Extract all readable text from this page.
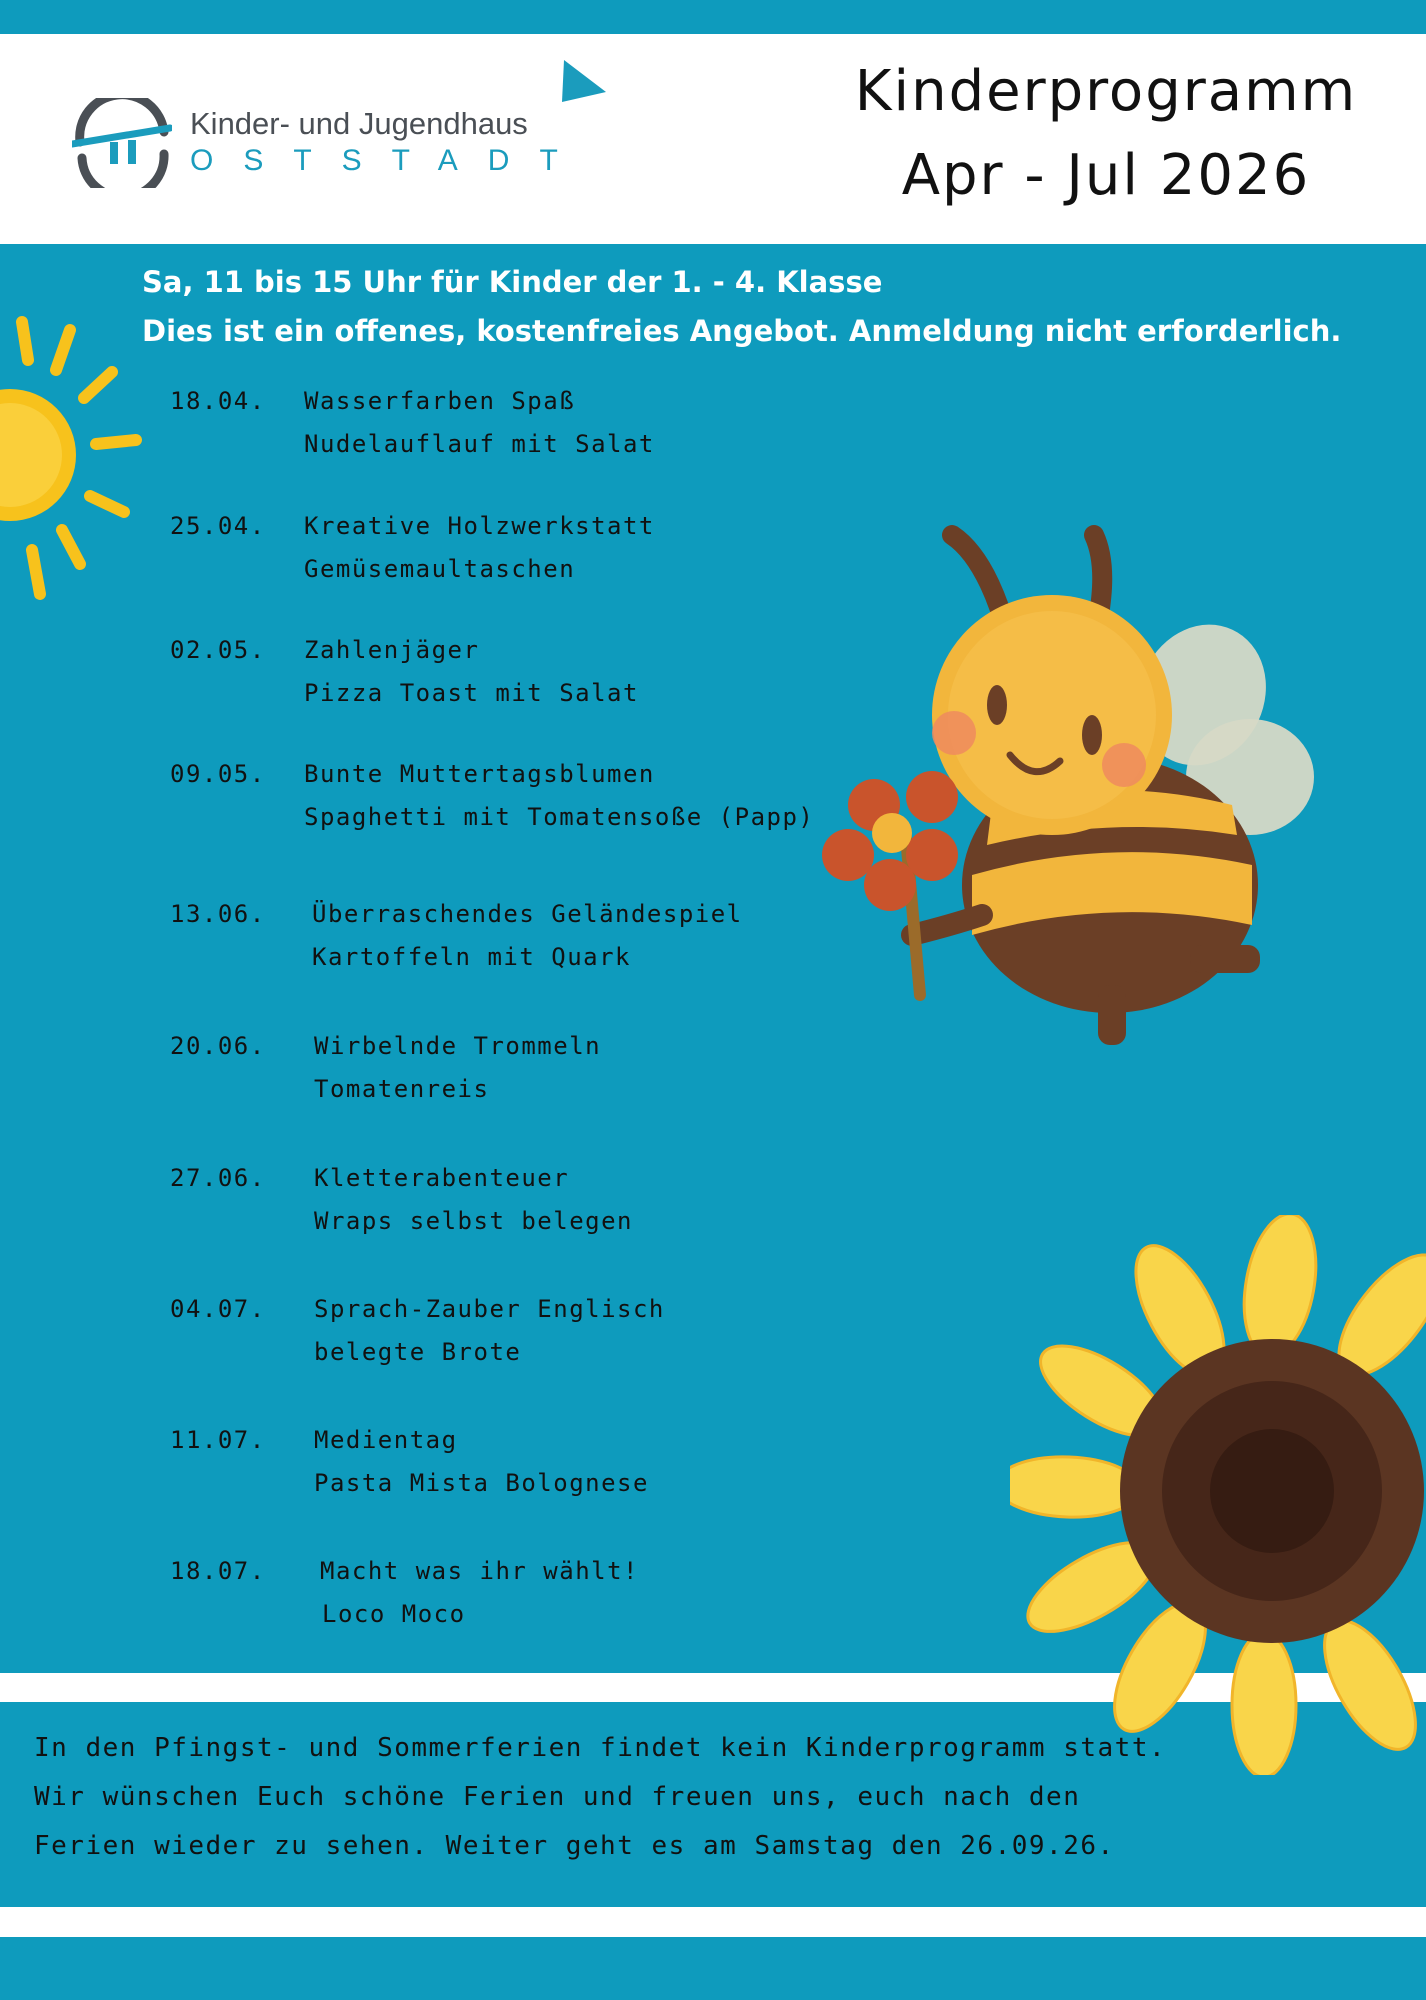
Kinder- und Jugendhaus
OSTSTADT
Kinderprogramm
Apr - Jul 2026
Sa, 11 bis 15 Uhr für Kinder der 1. - 4. Klasse
Dies ist ein offenes, kostenfreies Angebot. Anmeldung nicht erforderlich.
18.04. Wasserfarben Spaß
Nudelauflauf mit Salat
25.04. Kreative Holzwerkstatt
Gemüsemaultaschen
02.05. Zahlenjäger
Pizza Toast mit Salat
09.05. Bunte Muttertagsblumen
Spaghetti mit Tomatensoße (Papp)
13.06. Überraschendes Geländespiel
Kartoffeln mit Quark
20.06. Wirbelnde Trommeln
Tomatenreis
27.06. Kletterabenteuer
Wraps selbst belegen
04.07. Sprach-Zauber Englisch
belegte Brote
11.07. Medientag
Pasta Mista Bolognese
18.07. Macht was ihr wählt!
Loco Moco
In den Pfingst- und Sommerferien findet kein Kinderprogramm statt.
Wir wünschen Euch schöne Ferien und freuen uns, euch nach den
Ferien wieder zu sehen. Weiter geht es am Samstag den 26.09.26.
